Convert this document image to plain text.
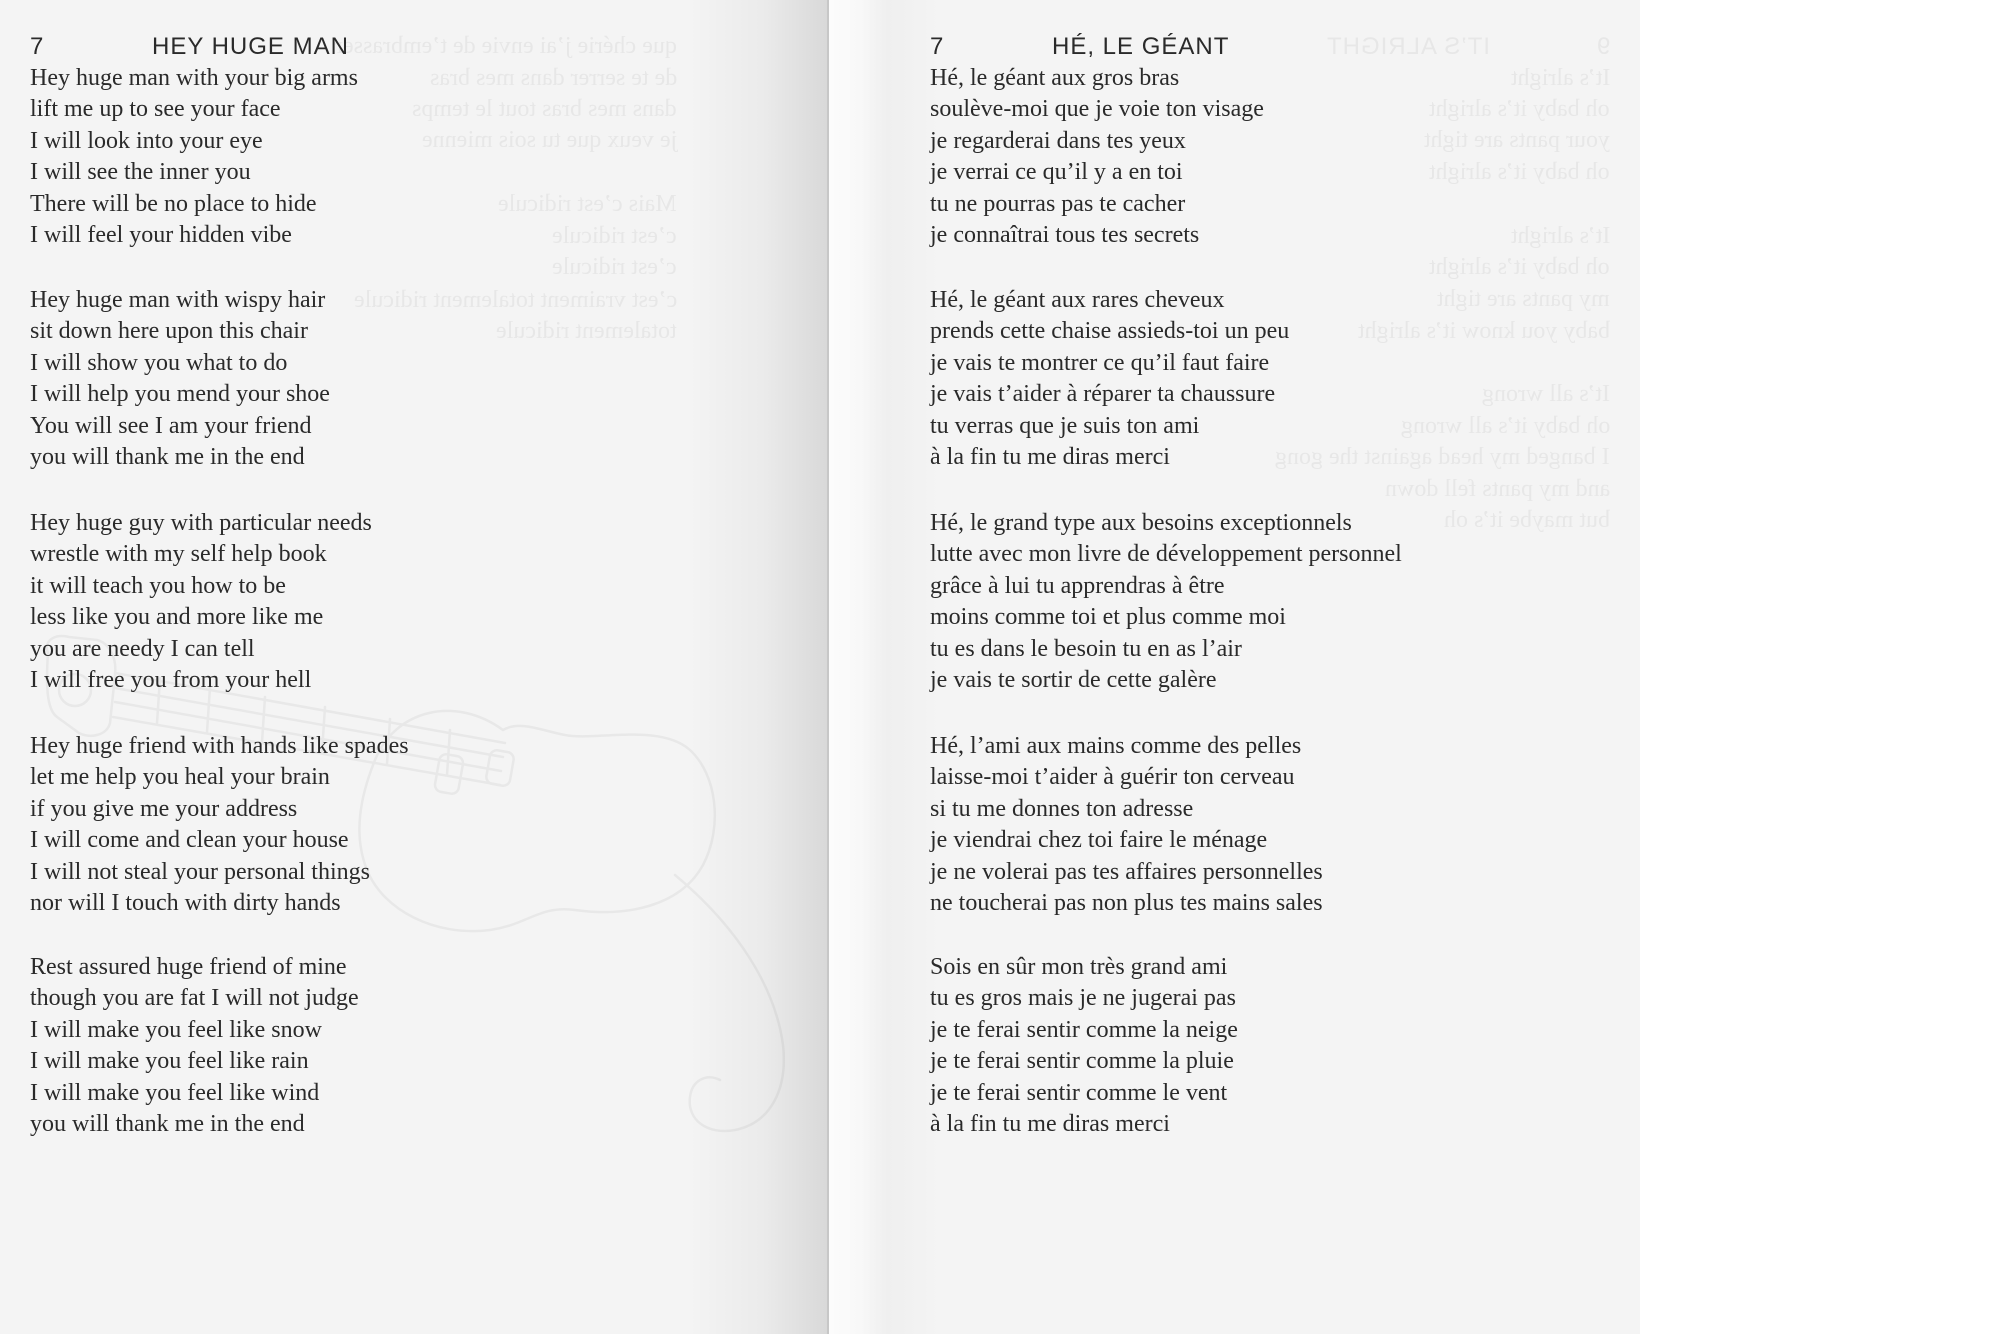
que chérie j’ai envie de t’embrasser
de te serrer dans mes bras
dans mes bras tout le temps
je veux que tu sois mienne
Mais c’est ridicule
c’est ridicule
c’est ridicule
c’est vraiment totalement ridicule
totalement ridicule
9IT’S ALRIGHT
It’s alright
oh baby it’s alright
your pants are tight
oh baby it’s alright
It’s alright
oh baby it’s alright
my pants are tight
baby you know it’s alright
It’s all wrong
oh baby it’s all wrong
I banged my head against the gong
and my pants fell down
but maybe it’s oh
7	HEY HUGE MAN
Hey huge man with your big arms
lift me up to see your face
I will look into your eye
I will see the inner you
There will be no place to hide
I will feel your hidden vibe
Hey huge man with wispy hair
sit down here upon this chair
I will show you what to do
I will help you mend your shoe
You will see I am your friend
you will thank me in the end
Hey huge guy with particular needs
wrestle with my self help book
it will teach you how to be
less like you and more like me
you are needy I can tell
I will free you from your hell
Hey huge friend with hands like spades
let me help you heal your brain
if you give me your address
I will come and clean your house
I will not steal your personal things
nor will I touch with dirty hands
Rest assured huge friend of mine
though you are fat I will not judge
I will make you feel like snow
I will make you feel like rain
I will make you feel like wind
you will thank me in the end
7	HÉ, LE GÉANT
Hé, le géant aux gros bras
soulève-moi que je voie ton visage
je regarderai dans tes yeux
je verrai ce qu’il y a en toi
tu ne pourras pas te cacher
je connaîtrai tous tes secrets
Hé, le géant aux rares cheveux
prends cette chaise assieds-toi un peu
je vais te montrer ce qu’il faut faire
je vais t’aider à réparer ta chaussure
tu verras que je suis ton ami
à la fin tu me diras merci
Hé, le grand type aux besoins exceptionnels
lutte avec mon livre de développement personnel
grâce à lui tu apprendras à être
moins comme toi et plus comme moi
tu es dans le besoin tu en as l’air
je vais te sortir de cette galère
Hé, l’ami aux mains comme des pelles
laisse-moi t’aider à guérir ton cerveau
si tu me donnes ton adresse
je viendrai chez toi faire le ménage
je ne volerai pas tes affaires personnelles
ne toucherai pas non plus tes mains sales
Sois en sûr mon très grand ami
tu es gros mais je ne jugerai pas
je te ferai sentir comme la neige
je te ferai sentir comme la pluie
je te ferai sentir comme le vent
à la fin tu me diras merci
